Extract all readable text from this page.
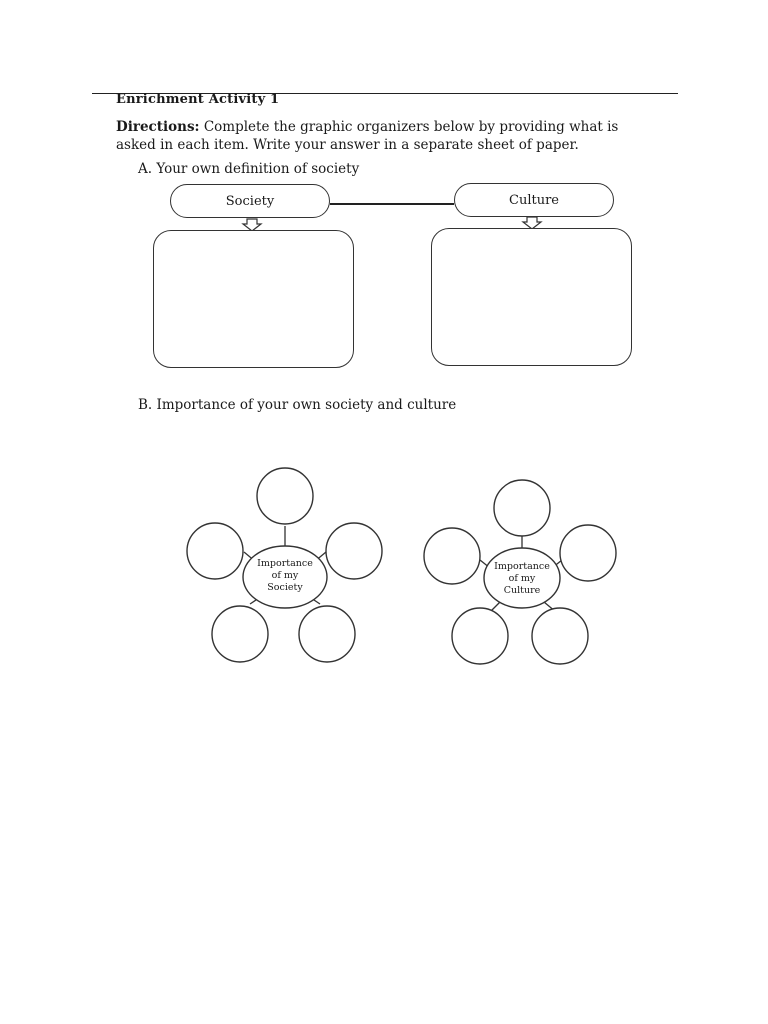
Enrichment Activity 1
Directions: Complete the graphic organizers below by providing what is asked in each item. Write your answer in a separate sheet of paper.
A. Your own definition of society
Society	Culture
B. Importance of your own society and culture
Importance
of my
Society
Importance
of my
Culture
